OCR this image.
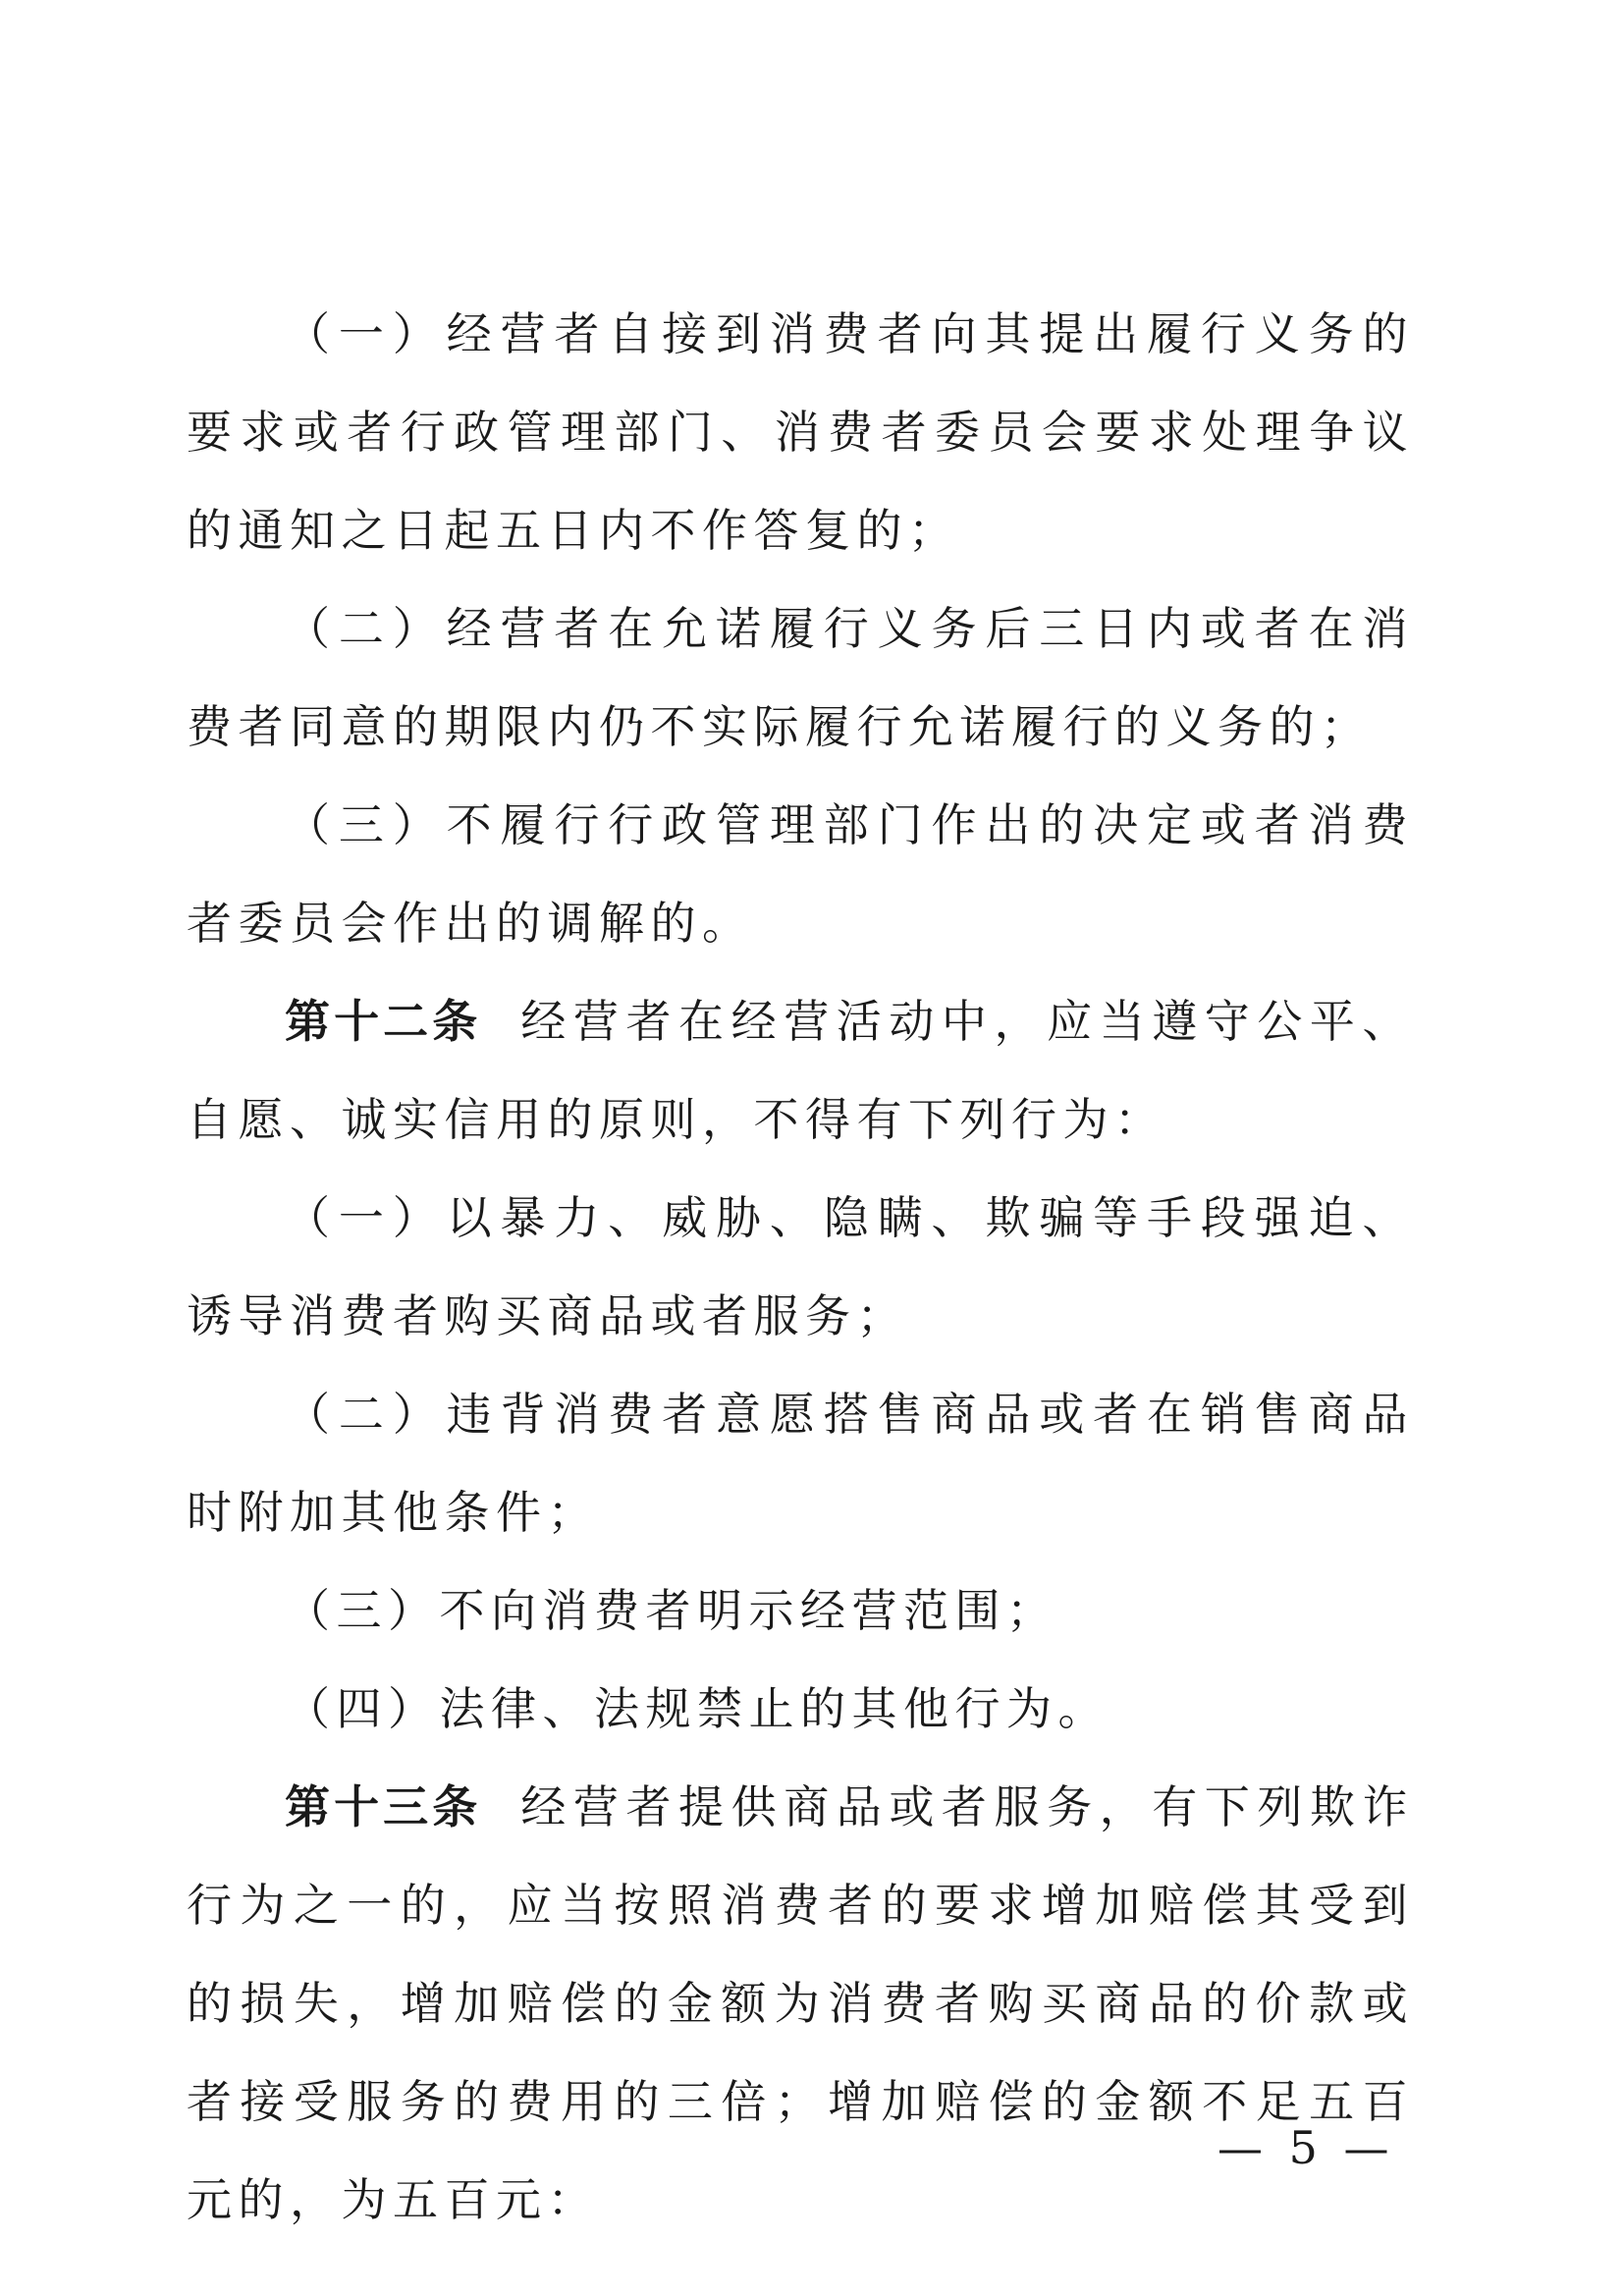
（一）经营者自接到消费者向其提出履行义务的要求或者行政管理部门、消费者委员会要求处理争议的通知之日起五日内不作答复的；

（二）经营者在允诺履行义务后三日内或者在消费者同意的期限内仍不实际履行允诺履行的义务的；

（三）不履行行政管理部门作出的决定或者消费者委员会作出的调解的。

第十二条 经营者在经营活动中，应当遵守公平、自愿、诚实信用的原则，不得有下列行为：

（一）以暴力、威胁、隐瞒、欺骗等手段强迫、诱导消费者购买商品或者服务；

（二）违背消费者意愿搭售商品或者在销售商品时附加其他条件；

（三）不向消费者明示经营范围；

（四）法律、法规禁止的其他行为。

第十三条 经营者提供商品或者服务，有下列欺诈行为之一的，应当按照消费者的要求增加赔偿其受到的损失，增加赔偿的金额为消费者购买商品的价款或者接受服务的费用的三倍；增加赔偿的金额不足五百元的，为五百元：

— 5 —
